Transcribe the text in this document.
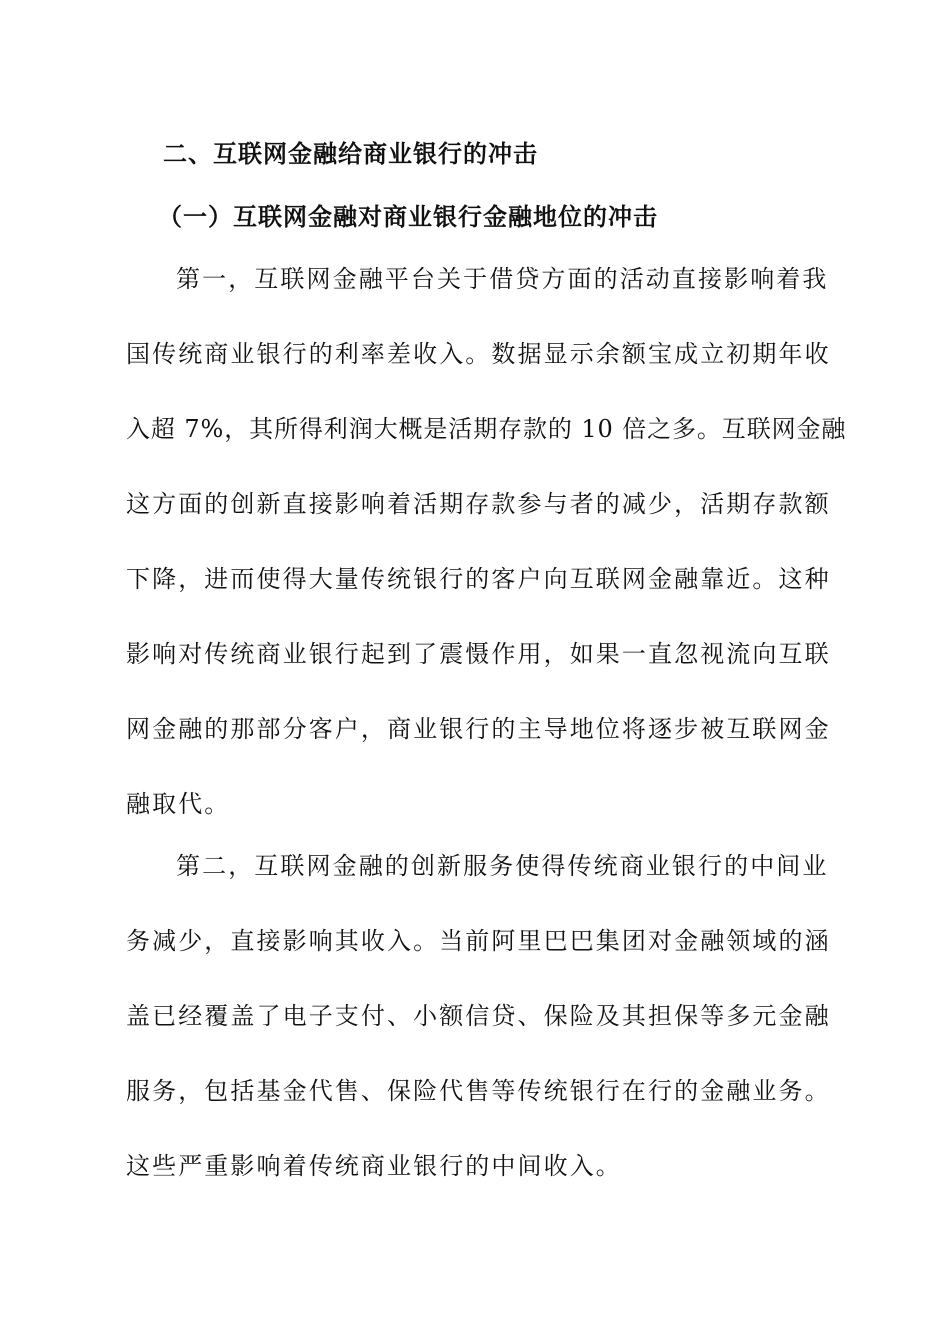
二、互联网金融给商业银行的冲击
（一）互联网金融对商业银行金融地位的冲击

第一，互联网金融平台关于借贷方面的活动直接影响着我

国传统商业银行的利率差收入。数据显示余额宝成立初期年收

入超 7%，其所得利润大概是活期存款的 10 倍之多。互联网金融

这方面的创新直接影响着活期存款参与者的减少，活期存款额

下降，进而使得大量传统银行的客户向互联网金融靠近。这种

影响对传统商业银行起到了震慑作用，如果一直忽视流向互联

网金融的那部分客户，商业银行的主导地位将逐步被互联网金

融取代。

第二，互联网金融的创新服务使得传统商业银行的中间业

务减少，直接影响其收入。当前阿里巴巴集团对金融领域的涵

盖已经覆盖了电子支付、小额信贷、保险及其担保等多元金融

服务，包括基金代售、保险代售等传统银行在行的金融业务。

这些严重影响着传统商业银行的中间收入。
